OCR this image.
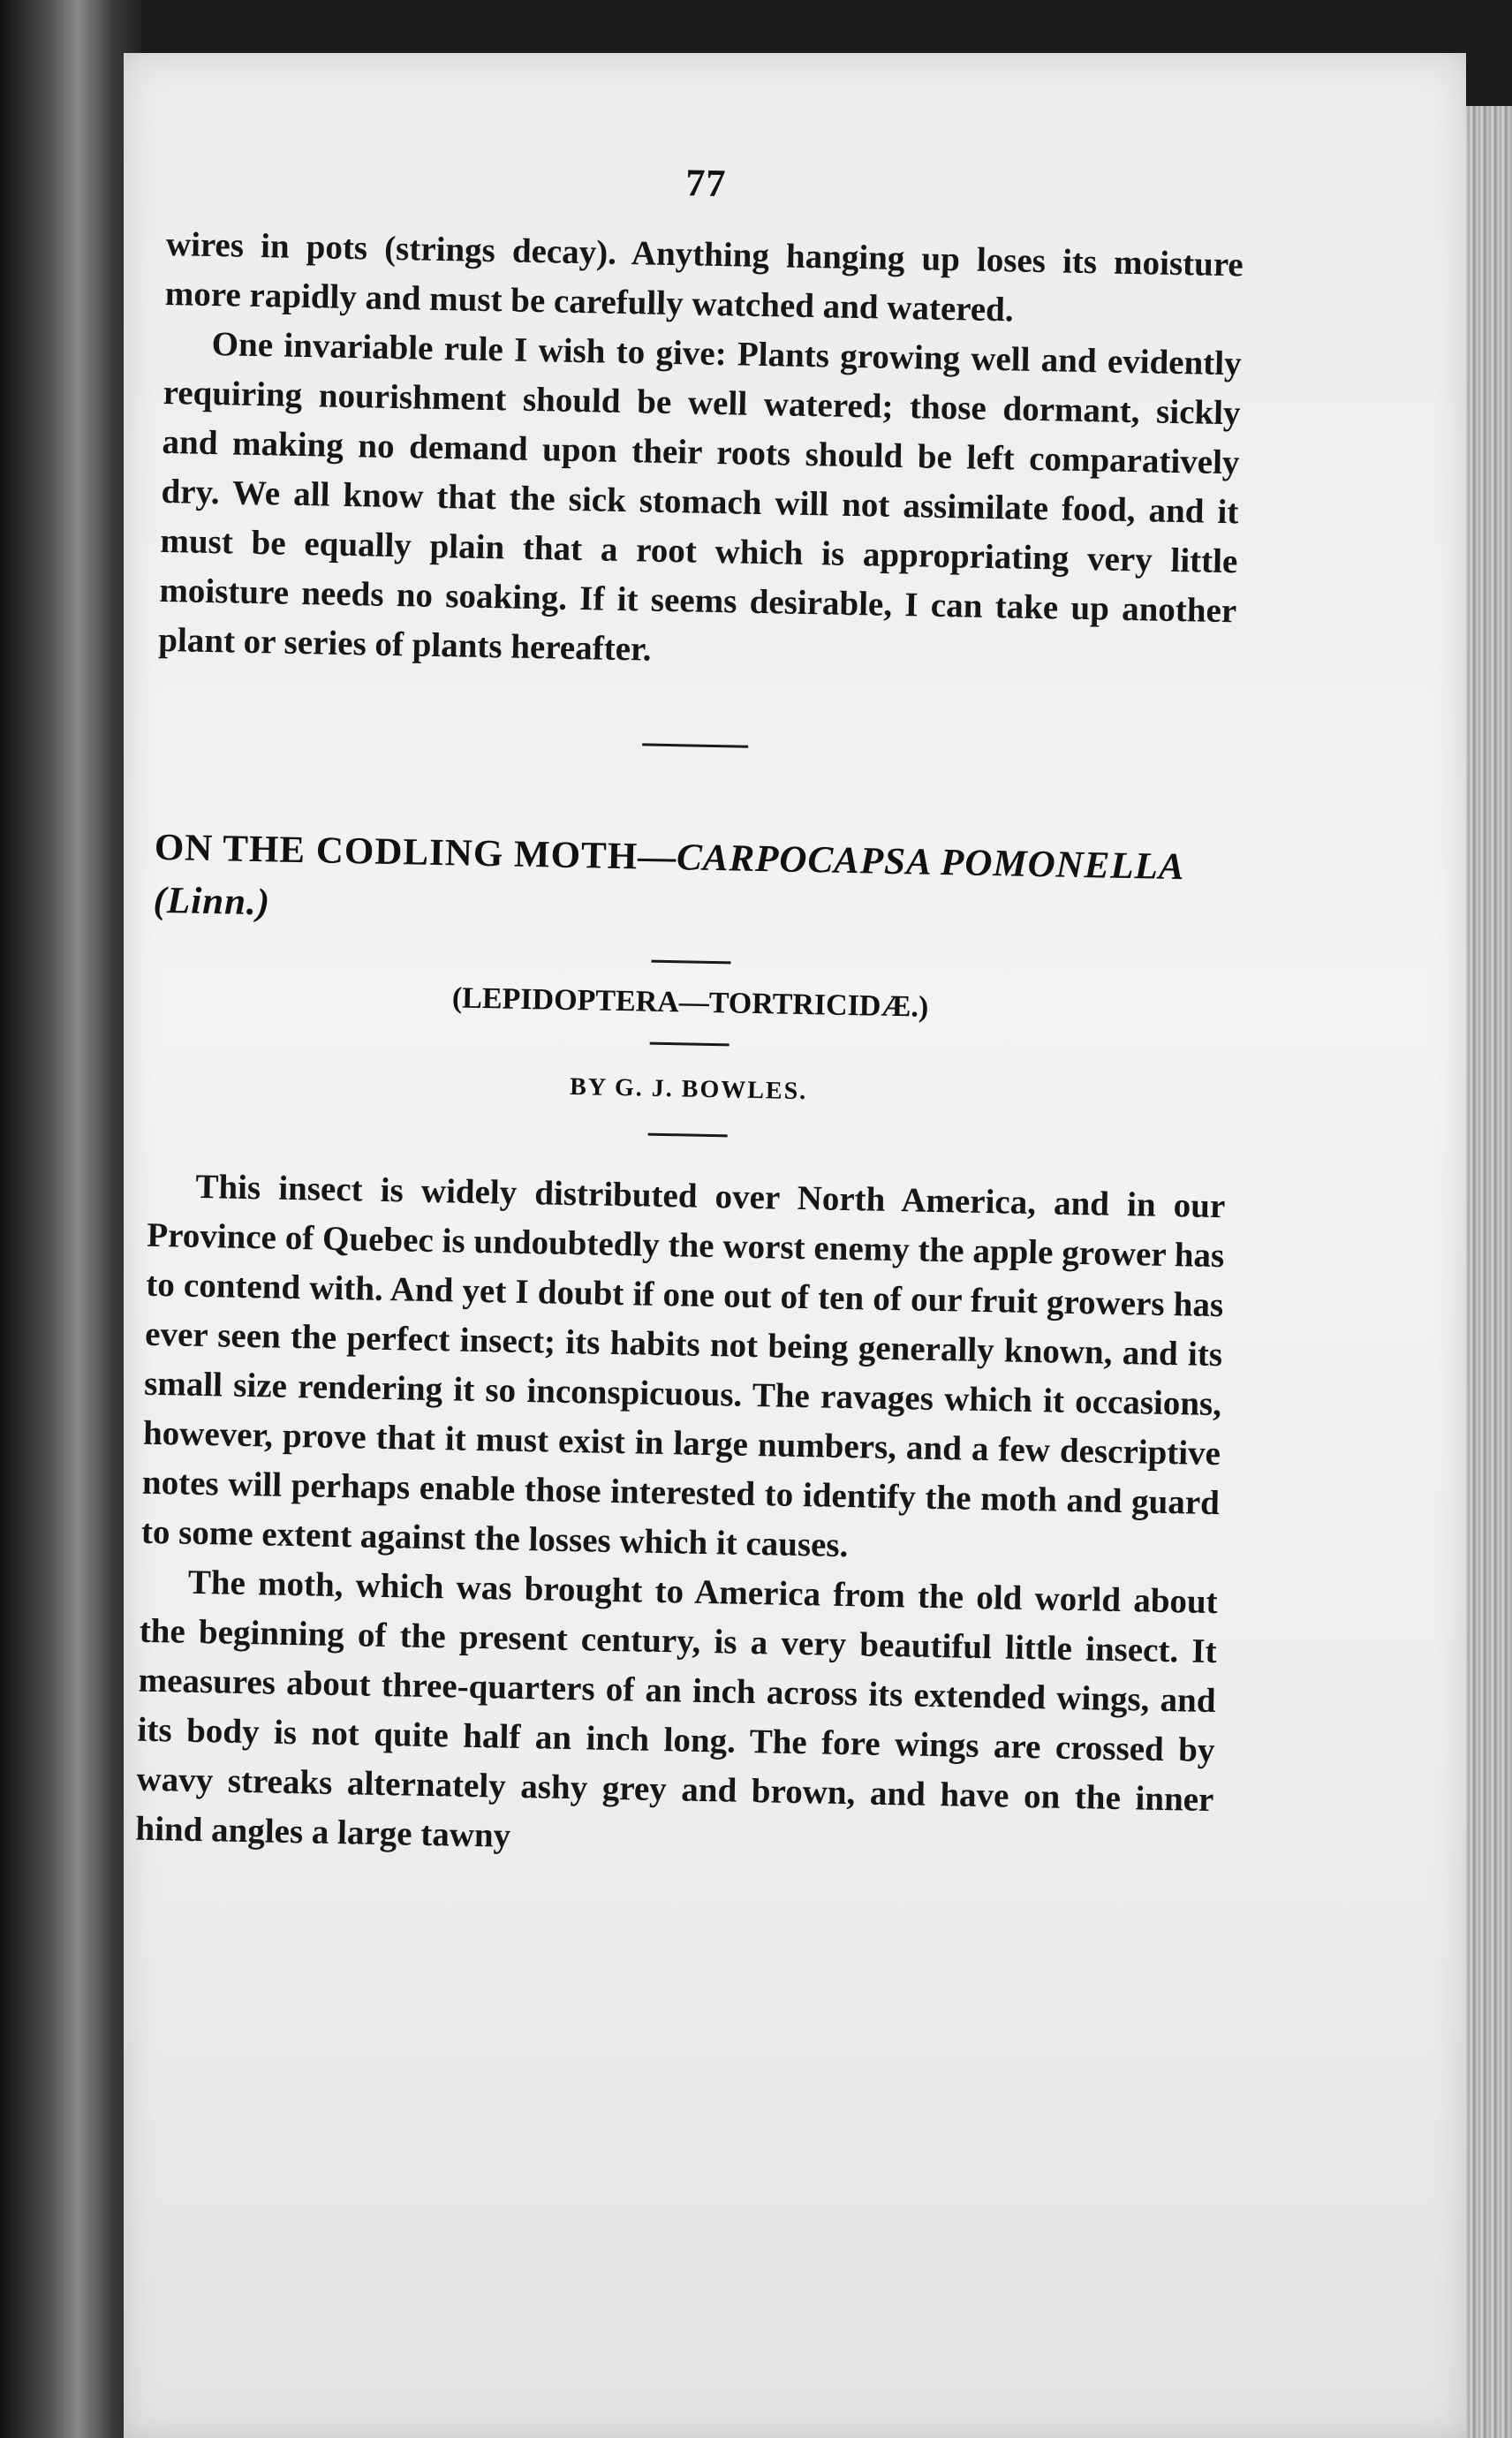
77

wires in pots (strings decay). Anything hanging up loses its moisture more rapidly and must be carefully watched and watered.

One invariable rule I wish to give: Plants growing well and evidently requiring nourishment should be well watered; those dormant, sickly and making no demand upon their roots should be left comparatively dry. We all know that the sick stomach will not assimilate food, and it must be equally plain that a root which is appropriating very little moisture needs no soaking. If it seems desirable, I can take up another plant or series of plants hereafter.

ON THE CODLING MOTH—CARPOCAPSA POMONELLA (Linn.)
(LEPIDOPTERA—TORTRICIDÆ.)
BY G. J. BOWLES.

This insect is widely distributed over North America, and in our Province of Quebec is undoubtedly the worst enemy the apple grower has to contend with. And yet I doubt if one out of ten of our fruit growers has ever seen the perfect insect; its habits not being generally known, and its small size rendering it so inconspicuous. The ravages which it occasions, however, prove that it must exist in large numbers, and a few descriptive notes will perhaps enable those interested to identify the moth and guard to some extent against the losses which it causes.

The moth, which was brought to America from the old world about the beginning of the present century, is a very beautiful little insect. It measures about three-quarters of an inch across its extended wings, and its body is not quite half an inch long. The fore wings are crossed by wavy streaks alternately ashy grey and brown, and have on the inner hind angles a large tawny
